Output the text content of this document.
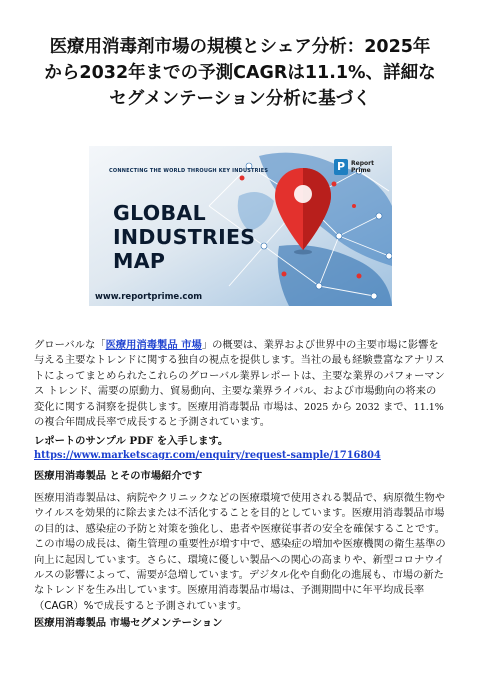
医療用消毒剤市場の規模とシェア分析：2025年
から2032年までの予測CAGRは11.1%、詳細な
セグメンテーション分析に基づく
CONNECTING THE WORLD THROUGH KEY INDUSTRIES
GLOBAL
INDUSTRIES
MAP
www.reportprime.com
P Report
Prime
グローバルな「医療用消毒製品 市場」の概要は、業界および世界中の主要市場に影響を与える主要なトレンドに関する独自の視点を提供します。当社の最も経験豊富なアナリストによってまとめられたこれらのグローバル業界レポートは、主要な業界のパフォーマンス トレンド、需要の原動力、貿易動向、主要な業界ライバル、および市場動向の将来の変化に関する洞察を提供します。医療用消毒製品 市場は、2025 から 2032 まで、11.1% の複合年間成長率で成長すると予測されています。
レポートのサンプル PDF を入手します。https://www.marketscagr.com/enquiry/request-sample/1716804
医療用消毒製品 とその市場紹介です
医療用消毒製品は、病院やクリニックなどの医療環境で使用される製品で、病原微生物やウイルスを効果的に除去または不活化することを目的としています。医療用消毒製品市場の目的は、感染症の予防と対策を強化し、患者や医療従事者の安全を確保することです。この市場の成長は、衛生管理の重要性が増す中で、感染症の増加や医療機関の衛生基準の向上に起因しています。さらに、環境に優しい製品への関心の高まりや、新型コロナウイルスの影響によって、需要が急増しています。デジタル化や自動化の進展も、市場の新たなトレンドを生み出しています。医療用消毒製品市場は、予測期間中に年平均成長率（CAGR）%で成長すると予測されています。
医療用消毒製品 市場セグメンテーション
